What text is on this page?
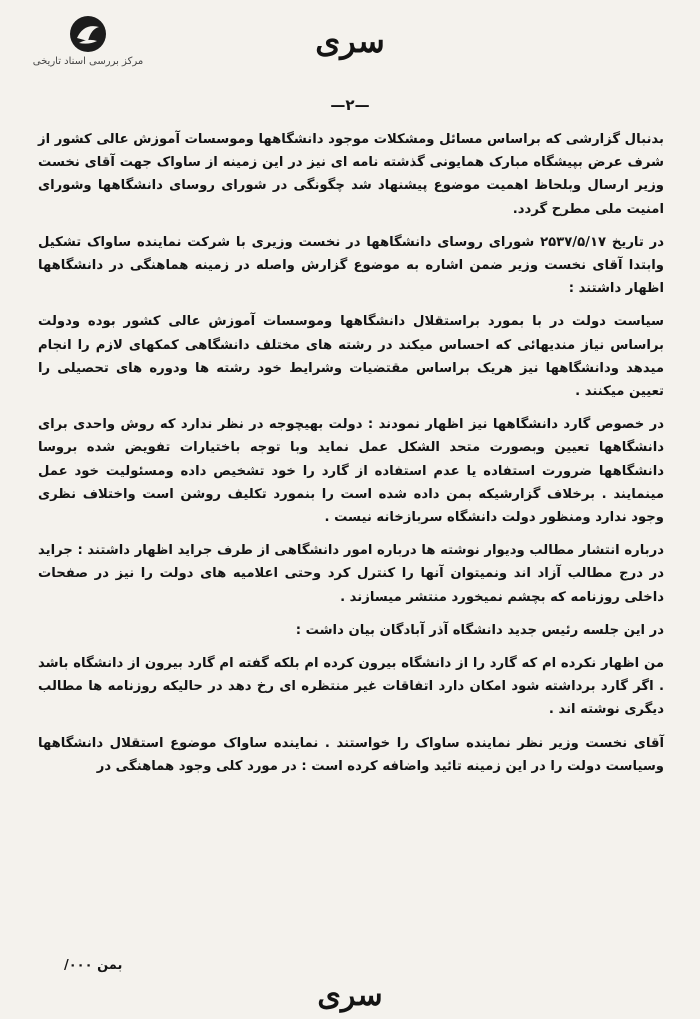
مرکز بررسی اسناد تاریخی
سری
—۲—

بدنبال گزارشی که براساس مسائل ومشکلات موجود دانشگاهها وموسسات آموزش عالی کشور از شرف عرض بپیشگاه مبارک همایونی گذشته نامه ای نیز در این زمینه از ساواک جهت آقای نخست وزیر ارسال وبلحاظ اهمیت موضوع پیشنهاد شد چگونگی در شورای روسای دانشگاهها وشورای امنیت ملی مطرح گردد.

در تاریخ ۲۵۳۷/۵/۱۷ شورای روسای دانشگاهها در نخست وزیری با شرکت نماینده ساواک تشکیل وابتدا آقای نخست وزیر ضمن اشاره به موضوع گزارش واصله در زمینه هماهنگی در دانشگاهها اظهار داشتند :

سیاست دولت در با بمورد براستقلال دانشگاهها وموسسات آموزش عالی کشور بوده ودولت براساس نیاز مندیهائی که احساس میکند در رشته های مختلف دانشگاهی کمکهای لازم را انجام میدهد ودانشگاهها نیز هریک براساس مقتضیات وشرایط خود رشته ها ودوره های تحصیلی را تعیین میکنند .

در خصوص گارد دانشگاهها نیز اظهار نمودند : دولت بهیچوجه در نظر ندارد که روش واحدی برای دانشگاهها تعیین وبصورت متحد الشکل عمل نماید وبا توجه باختیارات تفویض شده بروسا دانشگاهها ضرورت استفاده یا عدم استفاده از گارد را خود تشخیص داده ومسئولیت خود عمل مینمایند . برخلاف گزارشیکه بمن داده شده است را بنمورد تکلیف روشن است واختلاف نظری وجود ندارد ومنظور دولت دانشگاه سربازخانه نیست .

درباره انتشار مطالب ودیوار نوشته ها درباره امور دانشگاهی از طرف جراید اظهار داشتند : جراید در درج مطالب آزاد اند ونمیتوان آنها را کنترل کرد وحتی اعلامیه های دولت را نیز در صفحات داخلی روزنامه که بچشم نمیخورد منتشر میسازند .

در این جلسه رئیس جدید دانشگاه آذر آبادگان بیان داشت :

من اظهار نکرده ام که گارد را از دانشگاه بیرون کرده ام بلکه گفته ام گارد بیرون از دانشگاه باشد . اگر گارد برداشته شود امکان دارد اتفاقات غیر منتظره ای رخ دهد در حالیکه روزنامه ها مطالب دیگری نوشته اند .

آقای نخست وزیر نظر نماینده ساواک را خواستند . نماینده ساواک موضوع استقلال دانشگاهها وسیاست دولت را در این زمینه تائید واضافه کرده است : در مورد کلی وجود هماهنگی در

بمن ۰۰۰/
سری
